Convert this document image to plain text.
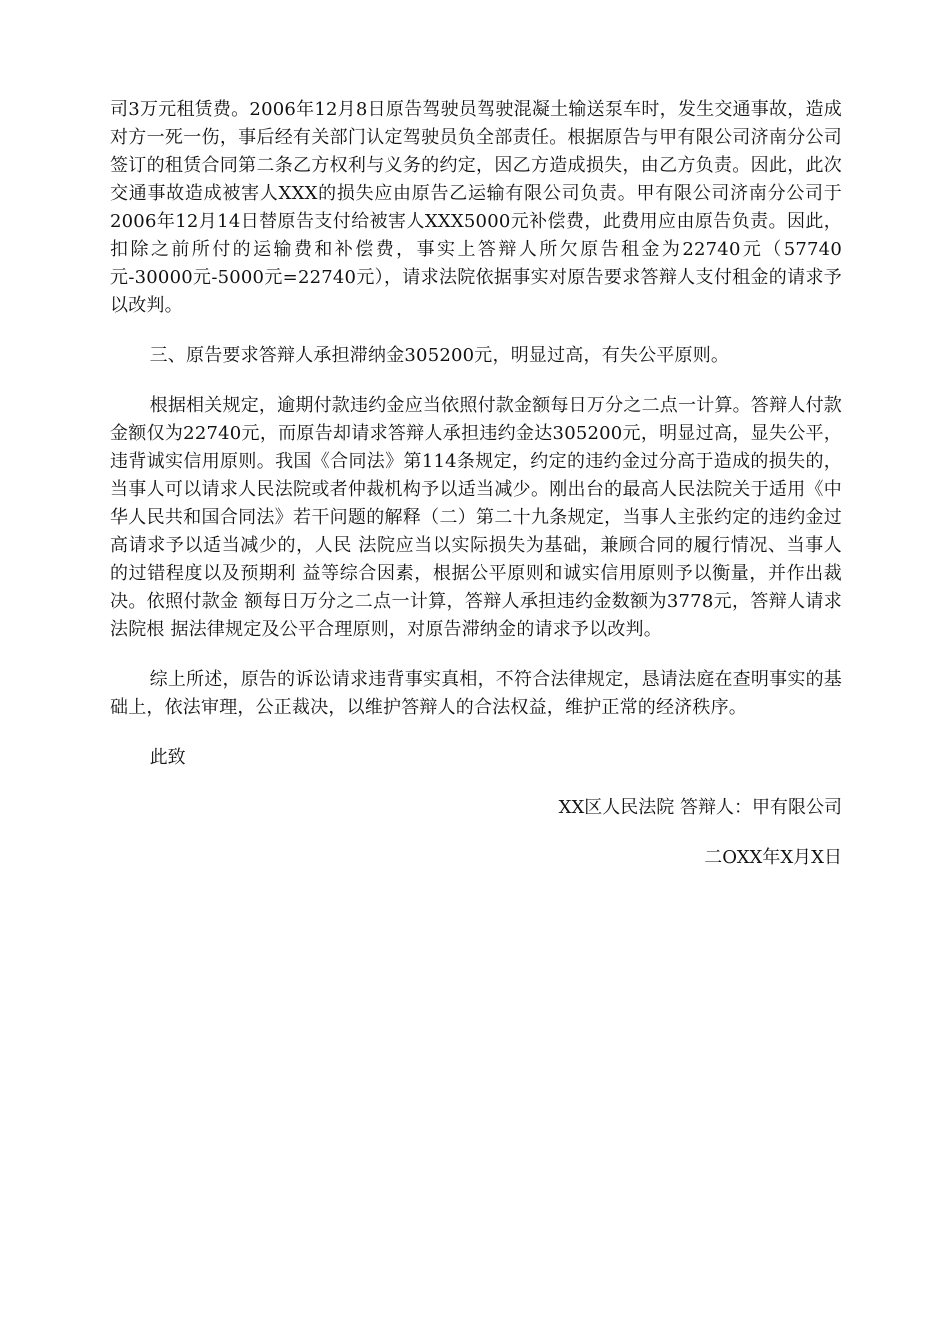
司3万元租赁费。2006年12月8日原告驾驶员驾驶混凝土输送泵车时，发生交通事故，造成对方一死一伤，事后经有关部门认定驾驶员负全部责任。根据原告与甲有限公司济南分公司签订的租赁合同第二条乙方权利与义务的约定，因乙方造成损失，由乙方负责。因此，此次交通事故造成被害人XXX的损失应由原告乙运输有限公司负责。甲有限公司济南分公司于2006年12月14日替原告支付给被害人XXX5000元补偿费，此费用应由原告负责。因此，扣除之前所付的运输费和补偿费，事实上答辩人所欠原告租金为22740元（57740元-30000元-5000元=22740元），请求法院依据事实对原告要求答辩人支付租金的请求予以改判。

三、原告要求答辩人承担滞纳金305200元，明显过高，有失公平原则。

根据相关规定，逾期付款违约金应当依照付款金额每日万分之二点一计算。答辩人付款金额仅为22740元，而原告却请求答辩人承担违约金达305200元，明显过高，显失公平，违背诚实信用原则。我国《合同法》第114条规定，约定的违约金过分高于造成的损失的，当事人可以请求人民法院或者仲裁机构予以适当减少。刚出台的最高人民法院关于适用《中华人民共和国合同法》若干问题的解释（二）第二十九条规定，当事人主张约定的违约金过高请求予以适当减少的，人民 法院应当以实际损失为基础，兼顾合同的履行情况、当事人的过错程度以及预期利 益等综合因素，根据公平原则和诚实信用原则予以衡量，并作出裁决。依照付款金 额每日万分之二点一计算，答辩人承担违约金数额为3778元，答辩人请求法院根 据法律规定及公平合理原则，对原告滞纳金的请求予以改判。

综上所述，原告的诉讼请求违背事实真相，不符合法律规定，恳请法庭在查明事实的基础上，依法审理，公正裁决，以维护答辩人的合法权益，维护正常的经济秩序。

此致

XX区人民法院 答辩人：甲有限公司

二OXX年X月X日
